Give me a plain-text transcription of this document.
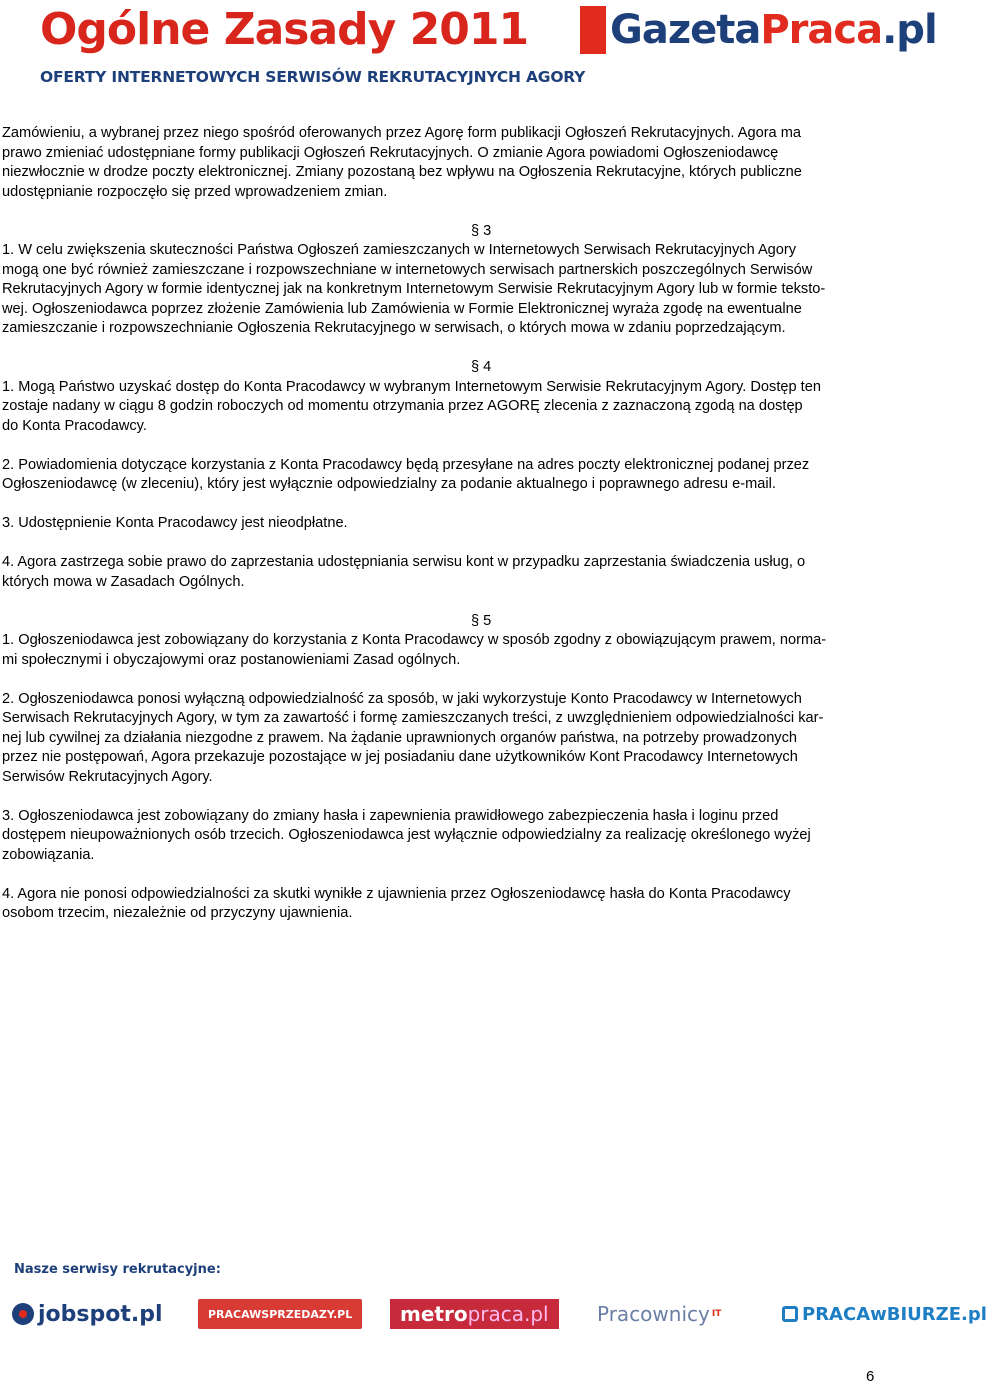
Ogólne Zasady 2011 Gazeta Praca .pl
OFERTY INTERNETOWYCH SERWISÓW REKRUTACYJNYCH AGORY

Zamówieniu, a wybranej przez niego spośród oferowanych przez Agorę form publikacji Ogłoszeń Rekrutacyjnych. Agora ma

prawo zmieniać udostępniane formy publikacji Ogłoszeń Rekrutacyjnych. O zmianie Agora powiadomi Ogłoszeniodawcę

niezwłocznie w drodze poczty elektronicznej. Zmiany pozostaną bez wpływu na Ogłoszenia Rekrutacyjne, których publiczne

udostępnianie rozpoczęło się przed wprowadzeniem zmian.

§ 3

1. W celu zwiększenia skuteczności Państwa Ogłoszeń zamieszczanych w Internetowych Serwisach Rekrutacyjnych Agory

mogą one być również zamieszczane i rozpowszechniane w internetowych serwisach partnerskich poszczególnych Serwisów

Rekrutacyjnych Agory w formie identycznej jak na konkretnym Internetowym Serwisie Rekrutacyjnym Agory lub w formie teksto-

wej. Ogłoszeniodawca poprzez złożenie Zamówienia lub Zamówienia w Formie Elektronicznej wyraża zgodę na ewentualne

zamieszczanie i rozpowszechnianie Ogłoszenia Rekrutacyjnego w serwisach, o których mowa w zdaniu poprzedzającym.

§ 4

1. Mogą Państwo uzyskać dostęp do Konta Pracodawcy w wybranym Internetowym Serwisie Rekrutacyjnym Agory. Dostęp ten

zostaje nadany w ciągu 8 godzin roboczych od momentu otrzymania przez AGORĘ zlecenia z zaznaczoną zgodą na dostęp

do Konta Pracodawcy.

2. Powiadomienia dotyczące korzystania z Konta Pracodawcy będą przesyłane na adres poczty elektronicznej podanej przez

Ogłoszeniodawcę (w zleceniu), który jest wyłącznie odpowiedzialny za podanie aktualnego i poprawnego adresu e-mail.

3. Udostępnienie Konta Pracodawcy jest nieodpłatne.

4. Agora zastrzega sobie prawo do zaprzestania udostępniania serwisu kont w przypadku zaprzestania świadczenia usług, o

których mowa w Zasadach Ogólnych.

§ 5

1. Ogłoszeniodawca jest zobowiązany do korzystania z Konta Pracodawcy w sposób zgodny z obowiązującym prawem, norma-

mi społecznymi i obyczajowymi oraz postanowieniami Zasad ogólnych.

2. Ogłoszeniodawca ponosi wyłączną odpowiedzialność za sposób, w jaki wykorzystuje Konto Pracodawcy w Internetowych

Serwisach Rekrutacyjnych Agory, w tym za zawartość i formę zamieszczanych treści, z uwzględnieniem odpowiedzialności kar-

nej lub cywilnej za działania niezgodne z prawem. Na żądanie uprawnionych organów państwa, na potrzeby prowadzonych

przez nie postępowań, Agora przekazuje pozostające w jej posiadaniu dane użytkowników Kont Pracodawcy Internetowych

Serwisów Rekrutacyjnych Agory.

3. Ogłoszeniodawca jest zobowiązany do zmiany hasła i zapewnienia prawidłowego zabezpieczenia hasła i loginu przed

dostępem nieupoważnionych osób trzecich. Ogłoszeniodawca jest wyłącznie odpowiedzialny za realizację określonego wyżej

zobowiązania.

4. Agora nie ponosi odpowiedzialności za skutki wynikłe z ujawnienia przez Ogłoszeniodawcę hasła do Konta Pracodawcy

osobom trzecim, niezależnie od przyczyny ujawnienia.

Nasze serwisy rekrutacyjne:
jobspot.pl	PRACAWSPRZEDAZY.PL metro praca.pl Pracownicy IT	PRACAwBIURZE.pl
6
